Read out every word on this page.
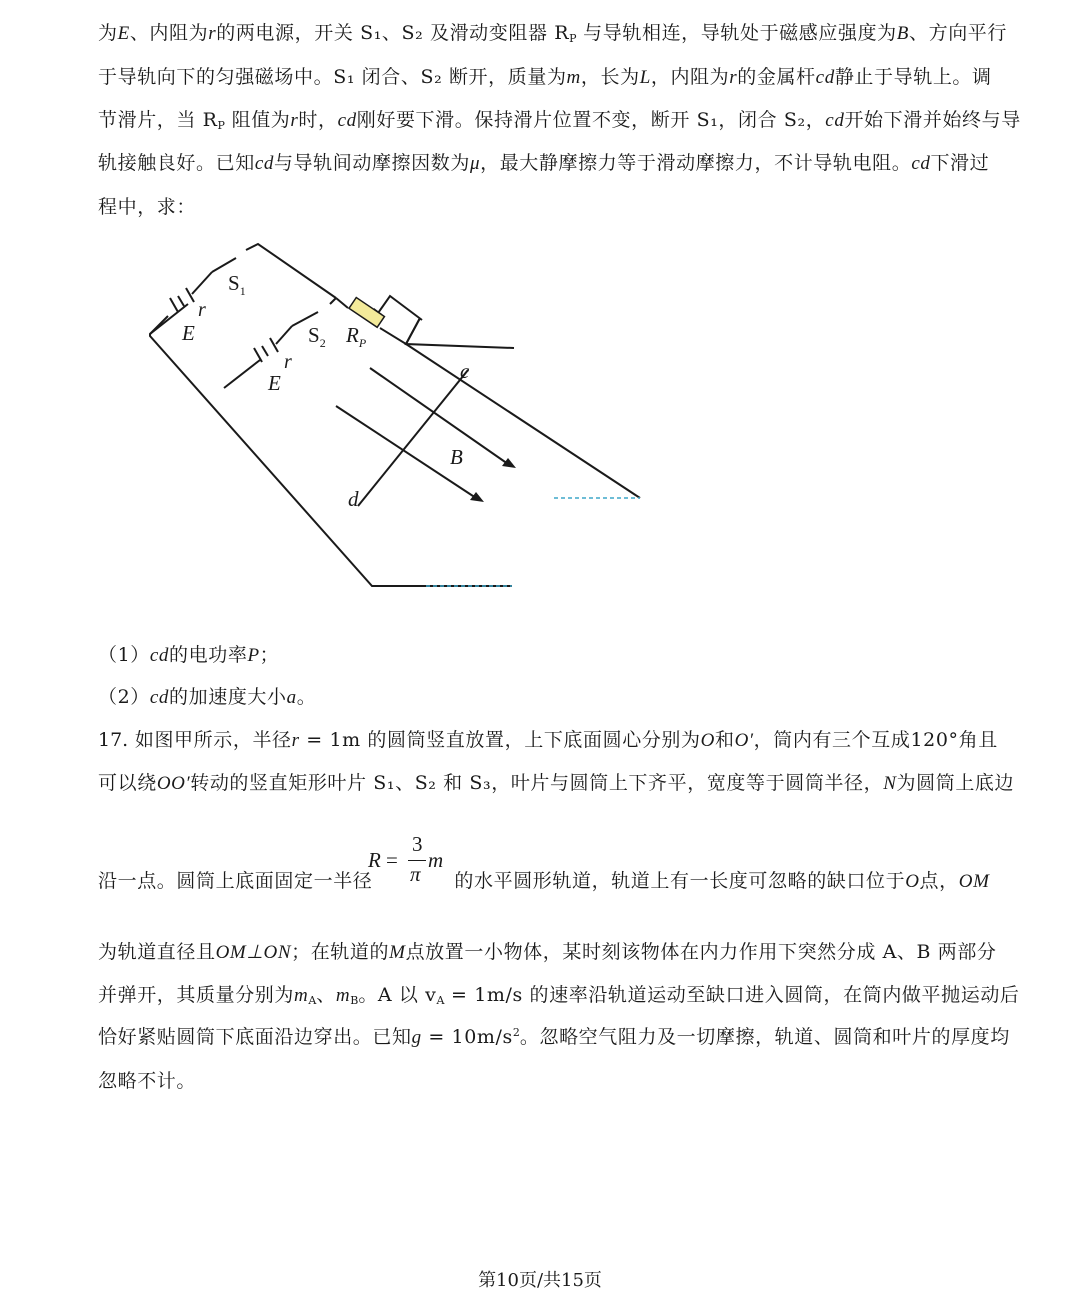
为E、内阻为r的两电源，开关 S₁、S₂ 及滑动变阻器 $R_P$ 与导轨相连，导轨处于磁感应强度为B、方向平行
于导轨向下的匀强磁场中。S₁ 闭合、S₂ 断开，质量为m，长为L，内阻为r的金属杆cd静止于导轨上。调
节滑片，当 $R_P$ 阻值为r时，cd刚好要下滑。保持滑片位置不变，断开 S₁，闭合 S₂，cd开始下滑并始终与导
轨接触良好。已知cd与导轨间动摩擦因数为μ，最大静摩擦力等于滑动摩擦力，不计导轨电阻。cd下滑过
程中，求：
$S_1$
r
E	$S_2$
r
E
$R_P$
c
d
B
（1）cd的电功率P；
（2）cd的加速度大小a。
17. 如图甲所示，半径r = 1m 的圆筒竖直放置，上下底面圆心分别为O和O′，筒内有三个互成120°角且
可以绕OO′转动的竖直矩形叶片 S₁、S₂ 和 S₃，叶片与圆筒上下齐平，宽度等于圆筒半径，N为圆筒上底边
R =
3
π
m
沿一点。圆筒上底面固定一半径	的水平圆形轨道，轨道上有一长度可忽略的缺口位于O点，OM
为轨道直径且OM⊥ON；在轨道的M点放置一小物体，某时刻该物体在内力作用下突然分成 A、B 两部分
并弹开，其质量分别为$m_A$、$m_B$。A 以 $v_A = 1m/s$ 的速率沿轨道运动至缺口进入圆筒，在筒内做平抛运动后
恰好紧贴圆筒下底面沿边穿出。已知$g = 10m/s^2$。忽略空气阻力及一切摩擦，轨道、圆筒和叶片的厚度均
忽略不计。
第10页/共15页
